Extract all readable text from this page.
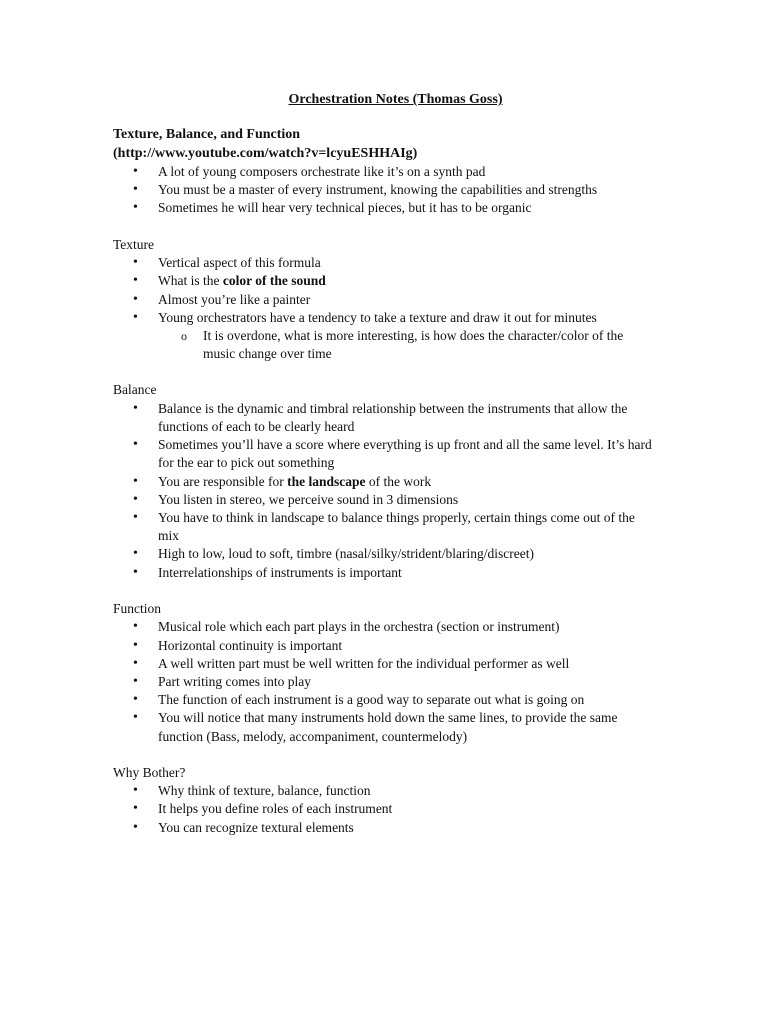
Orchestration Notes (Thomas Goss)
Texture, Balance, and Function
(http://www.youtube.com/watch?v=lcyuESHHAIg)
• A lot of young composers orchestrate like it’s on a synth pad
• You must be a master of every instrument, knowing the capabilities and strengths
• Sometimes he will hear very technical pieces, but it has to be organic
Texture
• Vertical aspect of this formula
• What is the color of the sound
• Almost you’re like a painter
• Young orchestrators have a tendency to take a texture and draw it out for minutes
o It is overdone, what is more interesting, is how does the character/color of the music change over time
Balance
• Balance is the dynamic and timbral relationship between the instruments that allow the functions of each to be clearly heard
• Sometimes you’ll have a score where everything is up front and all the same level. It’s hard for the ear to pick out something
• You are responsible for the landscape of the work
• You listen in stereo, we perceive sound in 3 dimensions
• You have to think in landscape to balance things properly, certain things come out of the mix
• High to low, loud to soft, timbre (nasal/silky/strident/blaring/discreet)
• Interrelationships of instruments is important
Function
• Musical role which each part plays in the orchestra (section or instrument)
• Horizontal continuity is important
• A well written part must be well written for the individual performer as well
• Part writing comes into play
• The function of each instrument is a good way to separate out what is going on
• You will notice that many instruments hold down the same lines, to provide the same function (Bass, melody, accompaniment, countermelody)
Why Bother?
• Why think of texture, balance, function
• It helps you define roles of each instrument
• You can recognize textural elements
